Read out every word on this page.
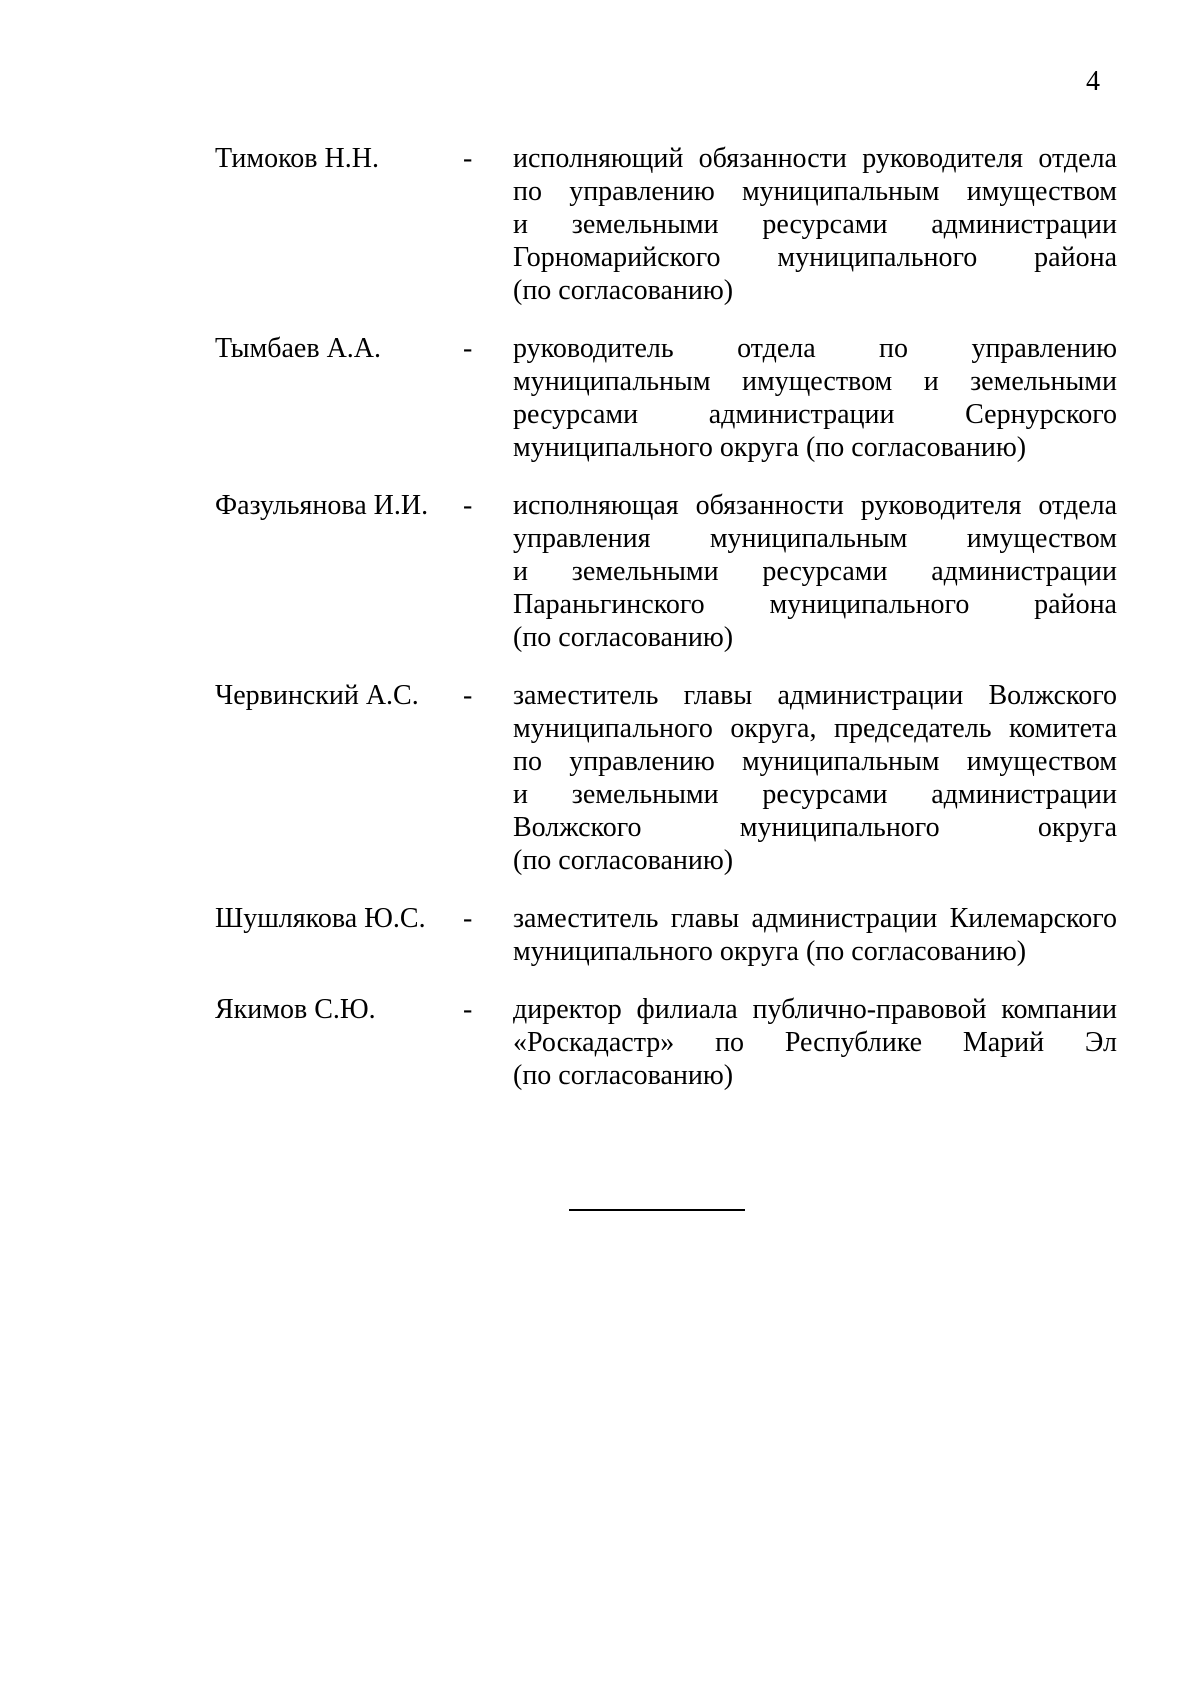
4
Тимоков Н.Н.	-	исполняющий обязанности руководителя отдела
по управлению муниципальным имуществом
и земельными ресурсами администрации
Горномарийского муниципального района
(по согласованию)
Тымбаев А.А.	-	руководитель отдела по управлению
муниципальным имуществом и земельными
ресурсами администрации Сернурского
муниципального округа (по согласованию)
Фазульянова И.И.	-	исполняющая обязанности руководителя отдела
управления муниципальным имуществом
и земельными ресурсами администрации
Параньгинского муниципального района
(по согласованию)
Червинский А.С.	-	заместитель главы администрации Волжского
муниципального округа, председатель комитета
по управлению муниципальным имуществом
и земельными ресурсами администрации
Волжского муниципального округа
(по согласованию)
Шушлякова Ю.С.	-	заместитель главы администрации Килемарского
муниципального округа (по согласованию)
Якимов С.Ю.	-	директор филиала публично-правовой компании
«Роскадастр» по Республике Марий Эл
(по согласованию)
